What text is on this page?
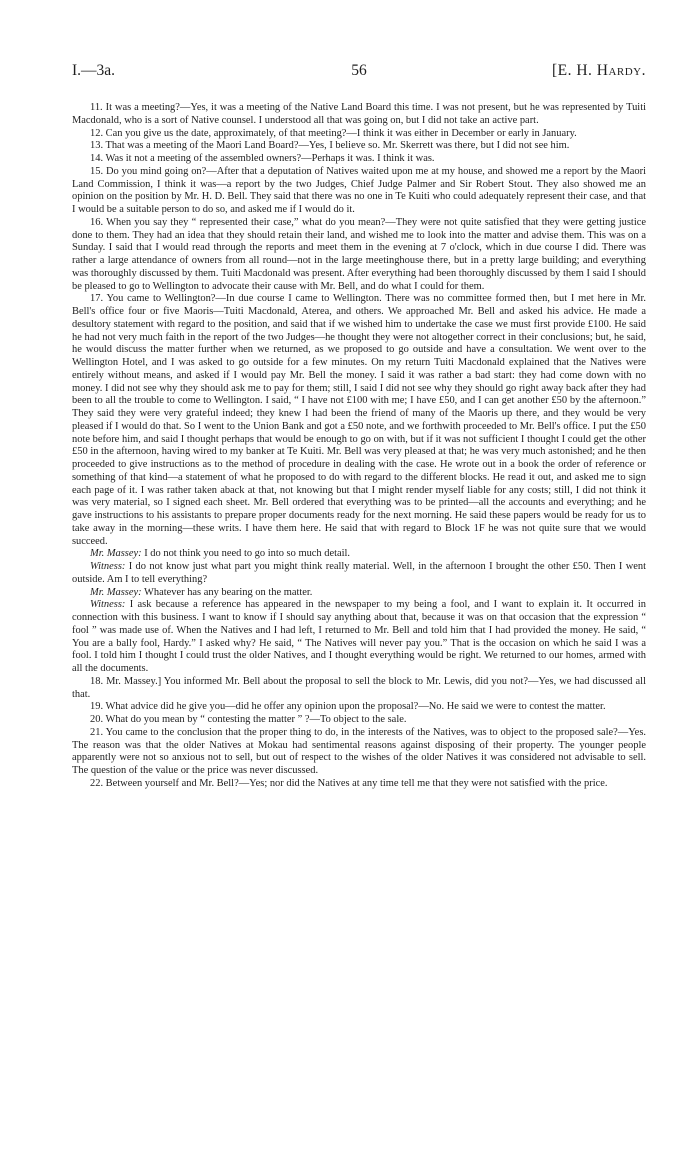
I.—3a.	56	[E. H. Hardy.

11. It was a meeting?—Yes, it was a meeting of the Native Land Board this time. I was not present, but he was represented by Tuiti Macdonald, who is a sort of Native counsel. I understood all that was going on, but I did not take an active part.

12. Can you give us the date, approximately, of that meeting?—I think it was either in December or early in January.

13. That was a meeting of the Maori Land Board?—Yes, I believe so. Mr. Skerrett was there, but I did not see him.

14. Was it not a meeting of the assembled owners?—Perhaps it was. I think it was.

15. Do you mind going on?—After that a deputation of Natives waited upon me at my house, and showed me a report by the Maori Land Commission, I think it was—a report by the two Judges, Chief Judge Palmer and Sir Robert Stout. They also showed me an opinion on the position by Mr. H. D. Bell. They said that there was no one in Te Kuiti who could adequately represent their case, and that I would be a suitable person to do so, and asked me if I would do it.

16. When you say they “ represented their case,” what do you mean?—They were not quite satisfied that they were getting justice done to them. They had an idea that they should retain their land, and wished me to look into the matter and advise them. This was on a Sunday. I said that I would read through the reports and meet them in the evening at 7 o'clock, which in due course I did. There was rather a large attendance of owners from all round—not in the large meetinghouse there, but in a pretty large building; and everything was thoroughly discussed by them. Tuiti Macdonald was present. After everything had been thoroughly discussed by them I said I should be pleased to go to Wellington to advocate their cause with Mr. Bell, and do what I could for them.

17. You came to Wellington?—In due course I came to Wellington. There was no committee formed then, but I met here in Mr. Bell's office four or five Maoris—Tuiti Macdonald, Aterea, and others. We approached Mr. Bell and asked his advice. He made a desultory statement with regard to the position, and said that if we wished him to undertake the case we must first provide £100. He said he had not very much faith in the report of the two Judges—he thought they were not altogether correct in their conclusions; but, he said, he would discuss the matter further when we returned, as we proposed to go outside and have a consultation. We went over to the Wellington Hotel, and I was asked to go outside for a few minutes. On my return Tuiti Macdonald explained that the Natives were entirely without means, and asked if I would pay Mr. Bell the money. I said it was rather a bad start: they had come down with no money. I did not see why they should ask me to pay for them; still, I said I did not see why they should go right away back after they had been to all the trouble to come to Wellington. I said, “ I have not £100 with me; I have £50, and I can get another £50 by the afternoon.” They said they were very grateful indeed; they knew I had been the friend of many of the Maoris up there, and they would be very pleased if I would do that. So I went to the Union Bank and got a £50 note, and we forthwith proceeded to Mr. Bell's office. I put the £50 note before him, and said I thought perhaps that would be enough to go on with, but if it was not sufficient I thought I could get the other £50 in the afternoon, having wired to my banker at Te Kuiti. Mr. Bell was very pleased at that; he was very much astonished; and he then proceeded to give instructions as to the method of procedure in dealing with the case. He wrote out in a book the order of reference or something of that kind—a statement of what he proposed to do with regard to the different blocks. He read it out, and asked me to sign each page of it. I was rather taken aback at that, not knowing but that I might render myself liable for any costs; still, I did not think it was very material, so I signed each sheet. Mr. Bell ordered that everything was to be printed—all the accounts and everything; and he gave instructions to his assistants to prepare proper documents ready for the next morning. He said these papers would be ready for us to take away in the morning—these writs. I have them here. He said that with regard to Block 1F he was not quite sure that we would succeed.

Mr. Massey: I do not think you need to go into so much detail.

Witness: I do not know just what part you might think really material. Well, in the afternoon I brought the other £50. Then I went outside. Am I to tell everything?

Mr. Massey: Whatever has any bearing on the matter.

Witness: I ask because a reference has appeared in the newspaper to my being a fool, and I want to explain it. It occurred in connection with this business. I want to know if I should say anything about that, because it was on that occasion that the expression “ fool ” was made use of. When the Natives and I had left, I returned to Mr. Bell and told him that I had provided the money. He said, “ You are a bally fool, Hardy.” I asked why? He said, “ The Natives will never pay you.” That is the occasion on which he said I was a fool. I told him I thought I could trust the older Natives, and I thought everything would be right. We returned to our homes, armed with all the documents.

18. Mr. Massey.] You informed Mr. Bell about the proposal to sell the block to Mr. Lewis, did you not?—Yes, we had discussed all that.

19. What advice did he give you—did he offer any opinion upon the proposal?—No. He said we were to contest the matter.

20. What do you mean by “ contesting the matter ” ?—To object to the sale.

21. You came to the conclusion that the proper thing to do, in the interests of the Natives, was to object to the proposed sale?—Yes. The reason was that the older Natives at Mokau had sentimental reasons against disposing of their property. The younger people apparently were not so anxious not to sell, but out of respect to the wishes of the older Natives it was considered not advisable to sell. The question of the value or the price was never discussed.

22. Between yourself and Mr. Bell?—Yes; nor did the Natives at any time tell me that they were not satisfied with the price.
